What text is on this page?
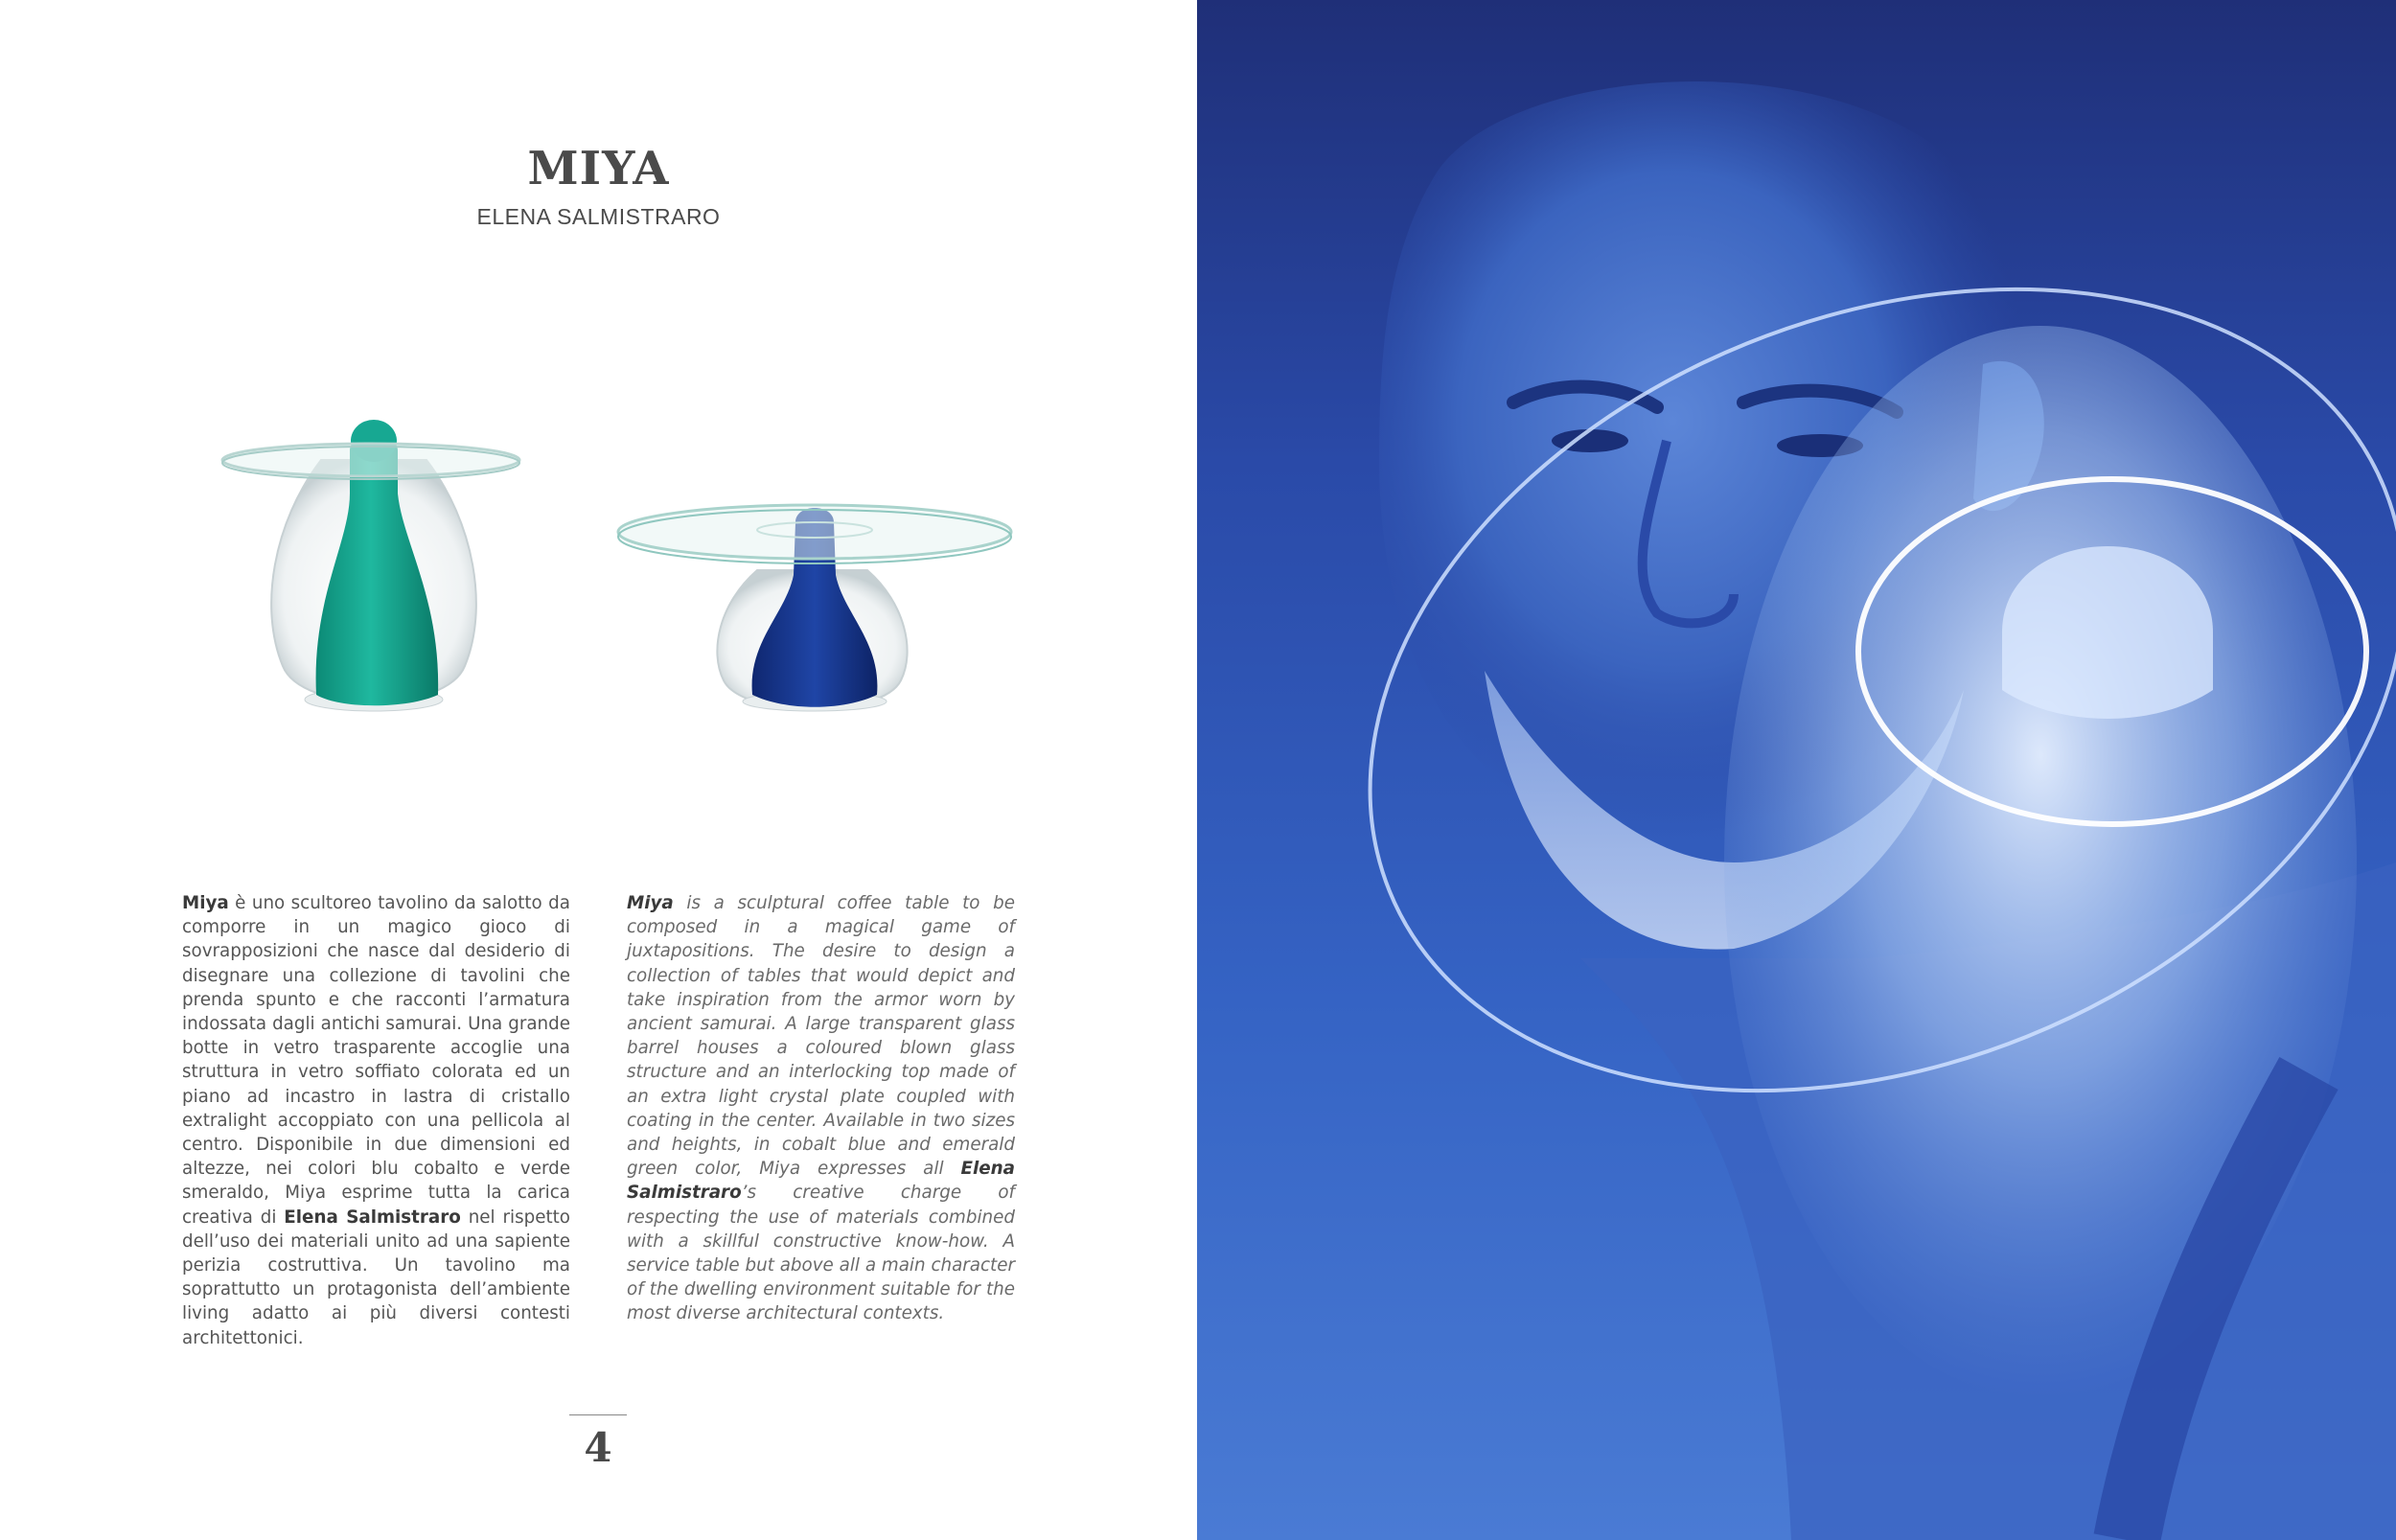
MIYA
ELENA SALMISTRARO

Miya è uno scultoreo tavolino da salotto da comporre in un magico gioco di sovrapposizioni che nasce dal desiderio di disegnare una collezione di tavolini che prenda spunto e che racconti l’armatura indossata dagli antichi samurai. Una grande botte in vetro trasparente accoglie una struttura in vetro soffiato colorata ed un piano ad incastro in lastra di cristallo extralight accoppiato con una pellicola al centro. Disponibile in due dimensioni ed altezze, nei colori blu cobalto e verde smeraldo, Miya esprime tutta la carica creativa di Elena Salmistraro nel rispetto dell’uso dei materiali unito ad una sapiente perizia costruttiva. Un tavolino ma soprattutto un protagonista dell’ambiente living adatto ai più diversi contesti architettonici.

Miya is a sculptural coffee table to be composed in a magical game of juxtapositions. The desire to design a collection of tables that would depict and take inspiration from the armor worn by ancient samurai. A large transparent glass barrel houses a coloured blown glass structure and an interlocking top made of an extra light crystal plate coupled with coating in the center. Available in two sizes and heights, in cobalt blue and emerald green color, Miya expresses all Elena Salmistraro’s creative charge of respecting the use of materials combined with a skillful constructive know-how. A service table but above all a main character of the dwelling environment suitable for the most diverse architectural contexts.

4
